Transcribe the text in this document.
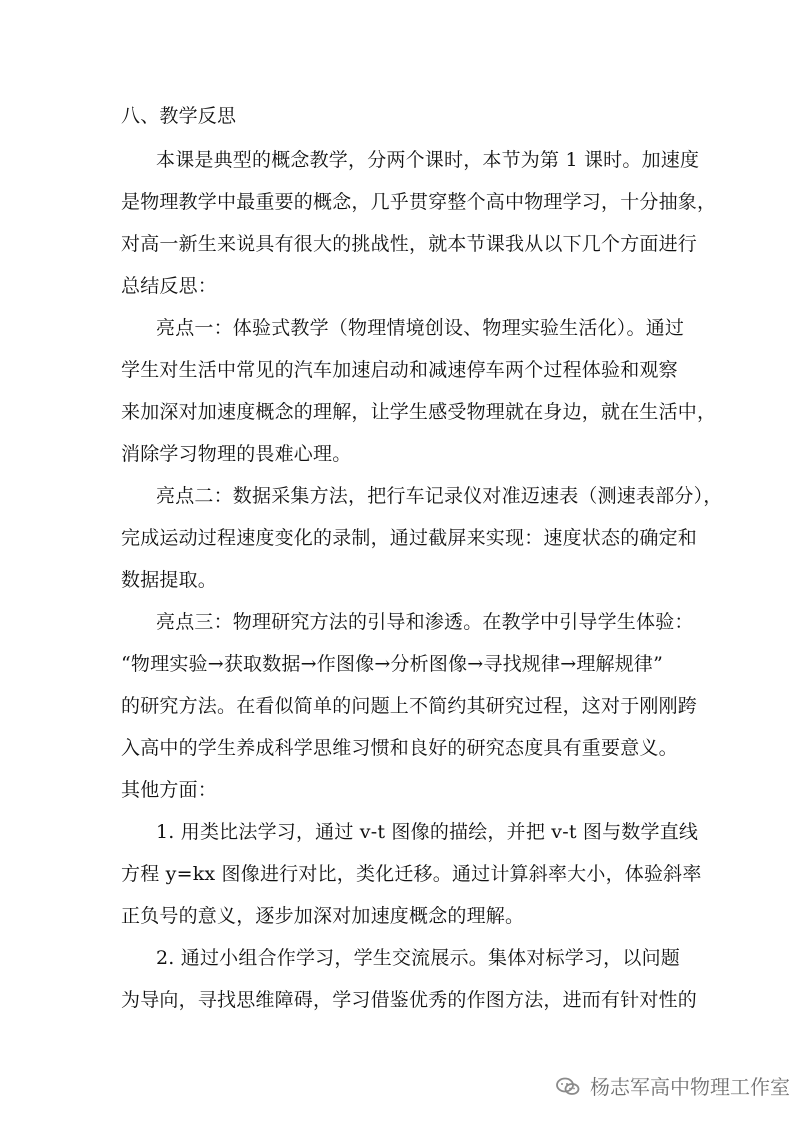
八、教学反思
本课是典型的概念教学，分两个课时，本节为第 1 课时。加速度
是物理教学中最重要的概念，几乎贯穿整个高中物理学习，十分抽象，
对高一新生来说具有很大的挑战性，就本节课我从以下几个方面进行
总结反思：
亮点一：体验式教学（物理情境创设、物理实验生活化）。通过
学生对生活中常见的汽车加速启动和减速停车两个过程体验和观察
来加深对加速度概念的理解，让学生感受物理就在身边，就在生活中，
消除学习物理的畏难心理。
亮点二：数据采集方法，把行车记录仪对准迈速表（测速表部分），
完成运动过程速度变化的录制，通过截屏来实现：速度状态的确定和
数据提取。
亮点三：物理研究方法的引导和渗透。在教学中引导学生体验：
“物理实验→获取数据→作图像→分析图像→寻找规律→理解规律”
的研究方法。在看似简单的问题上不简约其研究过程，这对于刚刚跨
入高中的学生养成科学思维习惯和良好的研究态度具有重要意义。
其他方面：
1. 用类比法学习，通过 v-t 图像的描绘，并把 v-t 图与数学直线
方程 y=kx 图像进行对比，类化迁移。通过计算斜率大小，体验斜率
正负号的意义，逐步加深对加速度概念的理解。
2. 通过小组合作学习，学生交流展示。集体对标学习，以问题
为导向，寻找思维障碍，学习借鉴优秀的作图方法，进而有针对性的
杨志军高中物理工作室
